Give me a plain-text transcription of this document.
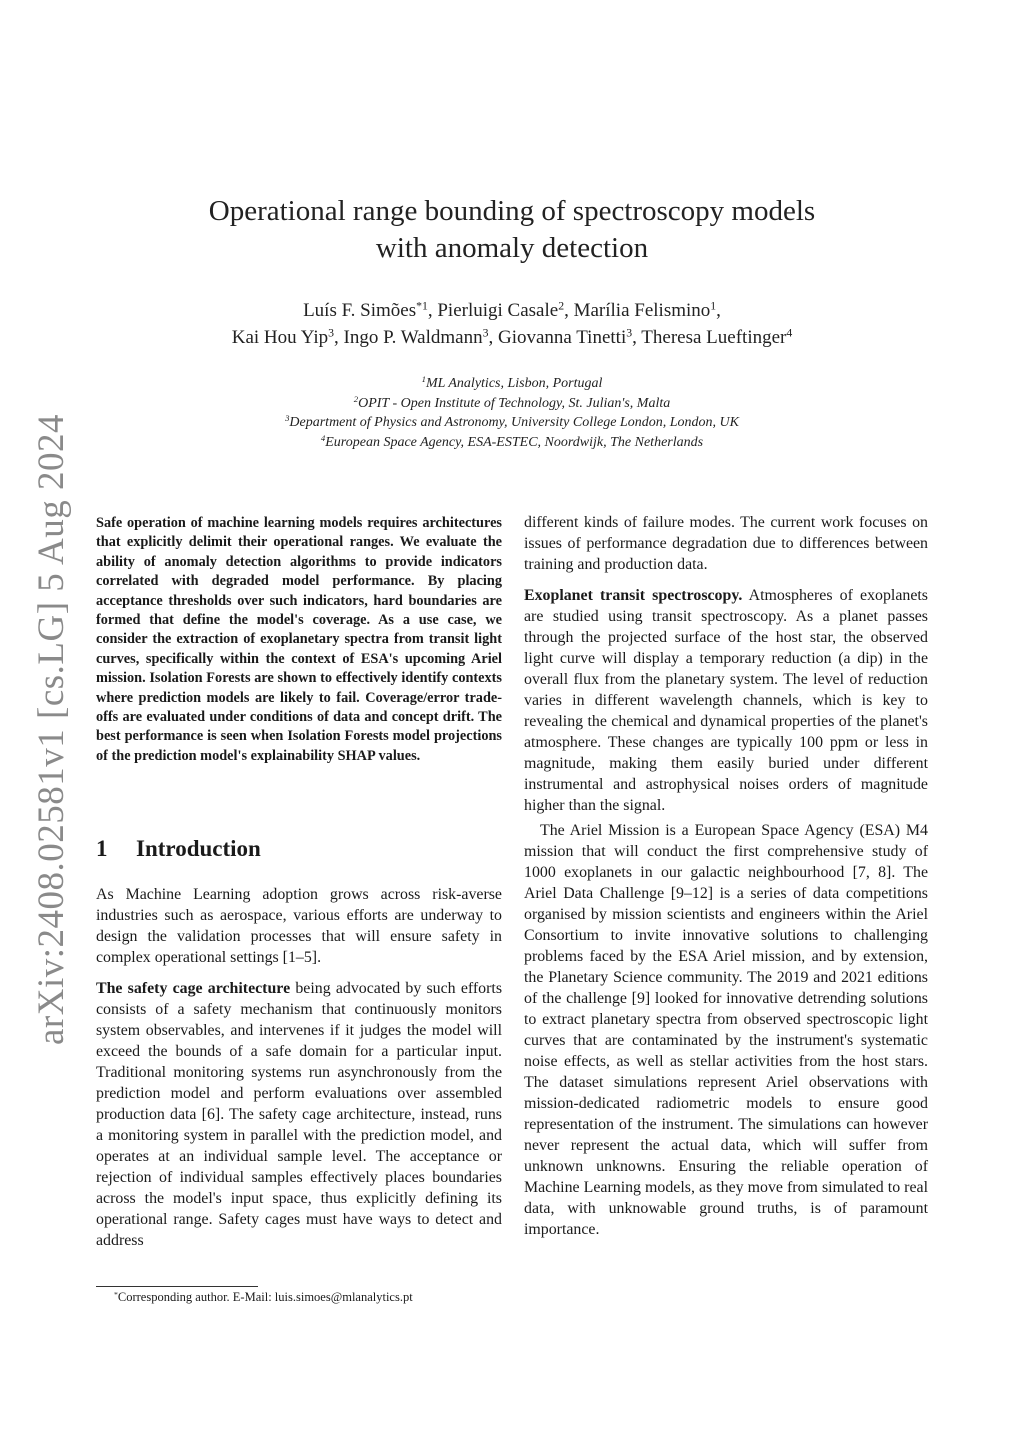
arXiv:2408.02581v1 [cs.LG] 5 Aug 2024
Operational range bounding of spectroscopy models
with anomaly detection
Luís F. Simões$^{*1}$, Pierluigi Casale$^2$, Marília Felismino$^1$,
Kai Hou Yip$^3$, Ingo P. Waldmann$^3$, Giovanna Tinetti$^3$, Theresa Lueftinger$^4$
$^1$ML Analytics, Lisbon, Portugal
$^2$OPIT - Open Institute of Technology, St. Julian's, Malta
$^3$Department of Physics and Astronomy, University College London, London, UK
$^4$European Space Agency, ESA-ESTEC, Noordwijk, The Netherlands

Safe operation of machine learning models requires architectures that explicitly delimit their operational ranges. We evaluate the ability of anomaly detection algorithms to provide indicators correlated with degraded model performance. By placing acceptance thresholds over such indicators, hard boundaries are formed that define the model's coverage. As a use case, we consider the extraction of exoplanetary spectra from transit light curves, specifically within the context of ESA's upcoming Ariel mission. Isolation Forests are shown to effectively identify contexts where prediction models are likely to fail. Coverage/error trade-offs are evaluated under conditions of data and concept drift. The best performance is seen when Isolation Forests model projections of the prediction model's explainability SHAP values.

1 Introduction

As Machine Learning adoption grows across risk-averse industries such as aerospace, various efforts are underway to design the validation processes that will ensure safety in complex operational settings [1–5].

The safety cage architecture being advocated by such efforts consists of a safety mechanism that continuously monitors system observables, and intervenes if it judges the model will exceed the bounds of a safe domain for a particular input. Traditional monitoring systems run asynchronously from the prediction model and perform evaluations over assembled production data [6]. The safety cage architecture, instead, runs a monitoring system in parallel with the prediction model, and operates at an individual sample level. The acceptance or rejection of individual samples effectively places boundaries across the model's input space, thus explicitly defining its operational range. Safety cages must have ways to detect and address

different kinds of failure modes. The current work focuses on issues of performance degradation due to differences between training and production data.

Exoplanet transit spectroscopy. Atmospheres of exoplanets are studied using transit spectroscopy. As a planet passes through the projected surface of the host star, the observed light curve will display a temporary reduction (a dip) in the overall flux from the planetary system. The level of reduction varies in different wavelength channels, which is key to revealing the chemical and dynamical properties of the planet's atmosphere. These changes are typically 100 ppm or less in magnitude, making them easily buried under different instrumental and astrophysical noises orders of magnitude higher than the signal.

The Ariel Mission is a European Space Agency (ESA) M4 mission that will conduct the first comprehensive study of 1000 exoplanets in our galactic neighbourhood [7, 8]. The Ariel Data Challenge [9–12] is a series of data competitions organised by mission scientists and engineers within the Ariel Consortium to invite innovative solutions to challenging problems faced by the ESA Ariel mission, and by extension, the Planetary Science community. The 2019 and 2021 editions of the challenge [9] looked for innovative detrending solutions to extract planetary spectra from observed spectroscopic light curves that are contaminated by the instrument's systematic noise effects, as well as stellar activities from the host stars. The dataset simulations represent Ariel observations with mission-dedicated radiometric models to ensure good representation of the instrument. The simulations can however never represent the actual data, which will suffer from unknown unknowns. Ensuring the reliable operation of Machine Learning models, as they move from simulated to real data, with unknowable ground truths, is of paramount importance.

*Corresponding author. E-Mail: luis.simoes@mlanalytics.pt
